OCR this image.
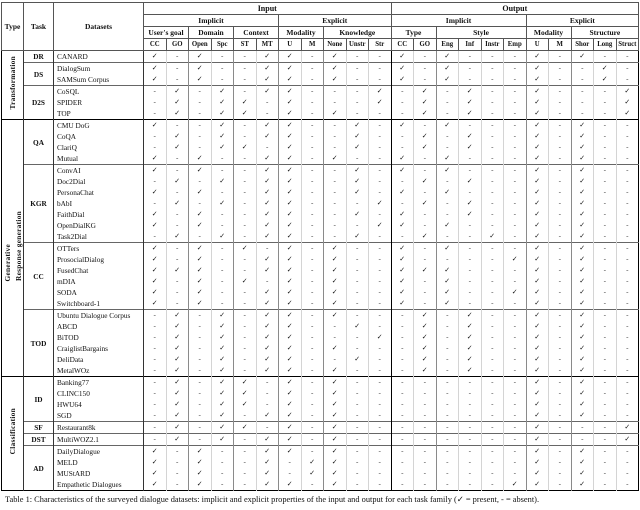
Type	Task	Datasets	Input											Output										
			Implicit						Explicit					Implicit						Explicit				
			User's goal		Domain		Context		Modality		Knowledge			Type		Style				Modality		Structure		
			CC	GO	Open	Spc	ST	MT	U	M	None	Unstr	Str	CC	GO	Eng	Inf	Instr	Emp	U	M	Shor	Long	Struct
Transformation	DR	CANARD	✓	-	✓	-	-	✓	✓	-	✓	-	-	✓	-	✓	-	-	-	✓	-	✓	-	-
	DS	DialogSum	✓	-	✓	-	-	✓	✓	-	✓	-	-	✓	-	✓	-	-	-	✓	-	-	✓	-
		SAMSum Corpus	✓	-	✓	-	-	✓	✓	-	✓	-	-	✓	-	✓	-	-	-	✓	-	-	✓	-
	D2S	CoSQL	-	✓	-	✓	-	✓	✓	-	-	-	✓	-	✓	-	✓	-	-	✓	-	-	-	✓
		SPIDER	-	✓	-	✓	✓	-	✓	-	-	-	✓	-	✓	-	✓	-	-	✓	-	-	-	✓
		TOP	-	✓	-	✓	✓	-	✓	-	✓	-	-	-	✓	-	✓	-	-	✓	-	-	-	✓
Generative Response generation	QA	CMU DoG	✓	-	-	✓	-	✓	✓	-	-	✓	-	✓	-	✓	-	-	-	✓	-	✓	-	-
		CoQA	-	✓	-	✓	-	✓	✓	-	-	✓	-	-	✓	-	✓	-	-	✓	-	✓	-	-
		ClariQ	-	✓	-	✓	✓	-	✓	-	-	✓	-	-	✓	-	✓	-	-	✓	-	✓	-	-
		Mutual	✓	-	✓	-	-	✓	✓	-	✓	-	-	✓	-	✓	-	-	-	✓	-	✓	-	-
	KGR	ConvAI	✓	-	✓	-	-	✓	✓	-	-	✓	-	✓	-	✓	-	-	-	✓	-	✓	-	-
		Doc2Dial	-	✓	-	✓	-	✓	✓	-	-	✓	-	-	✓	-	✓	-	-	✓	-	✓	-	-
		PersonaChat	✓	-	✓	-	-	✓	✓	-	-	✓	-	✓	-	✓	-	-	-	✓	-	✓	-	-
		bAbI	-	✓	-	✓	-	✓	✓	-	-	-	✓	-	✓	-	✓	-	-	✓	-	✓	-	-
		FaithDial	✓	-	✓	-	-	✓	✓	-	-	✓	-	✓	-	-	✓	-	-	✓	-	✓	-	-
		OpenDialKG	✓	-	✓	-	-	✓	✓	-	-	-	✓	✓	-	✓	-	-	-	✓	-	✓	-	-
		Task2Dial	-	✓	-	✓	-	✓	✓	-	-	✓	-	-	✓	-	-	✓	-	✓	-	✓	-	-
	CC	OTTers	✓	-	✓	-	✓	-	✓	-	✓	-	-	✓	-	✓	-	-	-	✓	-	✓	-	-
		ProsocialDialog	✓	-	✓	-	-	✓	✓	-	✓	-	-	✓	-	-	-	-	✓	✓	-	✓	-	-
		FusedChat	✓	✓	✓	-	-	✓	✓	-	✓	-	-	✓	✓	✓	-	-	-	✓	-	✓	-	-
		mDIA	✓	-	✓	-	✓	-	✓	-	✓	-	-	✓	-	✓	-	-	-	✓	-	✓	-	-
		SODA	✓	-	✓	-	-	✓	✓	-	✓	-	-	✓	-	✓	-	-	✓	✓	-	✓	-	-
		Switchboard-1	✓	-	✓	-	-	✓	✓	-	✓	-	-	✓	-	✓	-	-	-	✓	-	✓	-	-
	TOD	Ubuntu Dialogue Corpus	-	✓	-	✓	-	✓	✓	-	✓	-	-	-	✓	-	✓	-	-	✓	-	✓	-	-
		ABCD	-	✓	-	✓	-	✓	✓	-	-	✓	-	-	✓	-	✓	-	-	✓	-	✓	-	-
		BiTOD	-	✓	-	✓	-	✓	✓	-	-	-	✓	-	✓	-	✓	-	-	✓	-	✓	-	-
		CraiglistBargains	-	✓	-	✓	-	✓	✓	-	✓	-	-	-	✓	-	✓	-	-	✓	-	✓	-	-
		DeliData	-	✓	-	✓	-	✓	✓	-	-	✓	-	-	✓	-	✓	-	-	✓	-	✓	-	-
		MetalWOz	-	✓	-	✓	-	✓	✓	-	✓	-	-	-	✓	-	✓	-	-	✓	-	✓	-	-
Classification	ID	Banking77	-	✓	-	✓	✓	-	✓	-	✓	-	-	-	-	-	-	-	-	✓	-	✓	-	-
		CLINC150	-	✓	-	✓	✓	-	✓	-	✓	-	-	-	-	-	-	-	-	✓	-	✓	-	-
		HWU64	-	✓	-	✓	✓	-	✓	-	✓	-	-	-	-	-	-	-	-	✓	-	✓	-	-
		SGD	-	✓	-	✓	-	✓	✓	-	✓	-	-	-	-	-	-	-	-	✓	-	✓	-	-
	SF	Restaurant8k	-	✓	-	✓	✓	-	✓	-	✓	-	-	-	-	-	-	-	-	✓	-	-	-	✓
	DST	MultiWOZ2.1	-	✓	-	✓	-	✓	✓	-	✓	-	-	-	-	-	-	-	-	✓	-	-	-	✓
	AD	DailyDialogue	✓	-	✓	-	-	✓	✓	-	✓	-	-	-	-	-	-	-	-	✓	-	✓	-	-
		MELD	✓	-	✓	-	-	✓	-	✓	✓	-	-	-	-	-	-	-	-	✓	-	✓	-	-
		MUStARD	✓	-	✓	-	-	✓	-	✓	✓	-	-	-	-	-	-	-	-	✓	-	✓	-	-
		Empathetic Dialogues	✓	-	✓	-	-	✓	✓	-	✓	-	-	-	-	-	-	-	✓	✓	-	✓	-	-
Table 1: Characteristics of the surveyed dialogue datasets: implicit and explicit properties of the input and output for each task family (✓ = present, - = absent).
